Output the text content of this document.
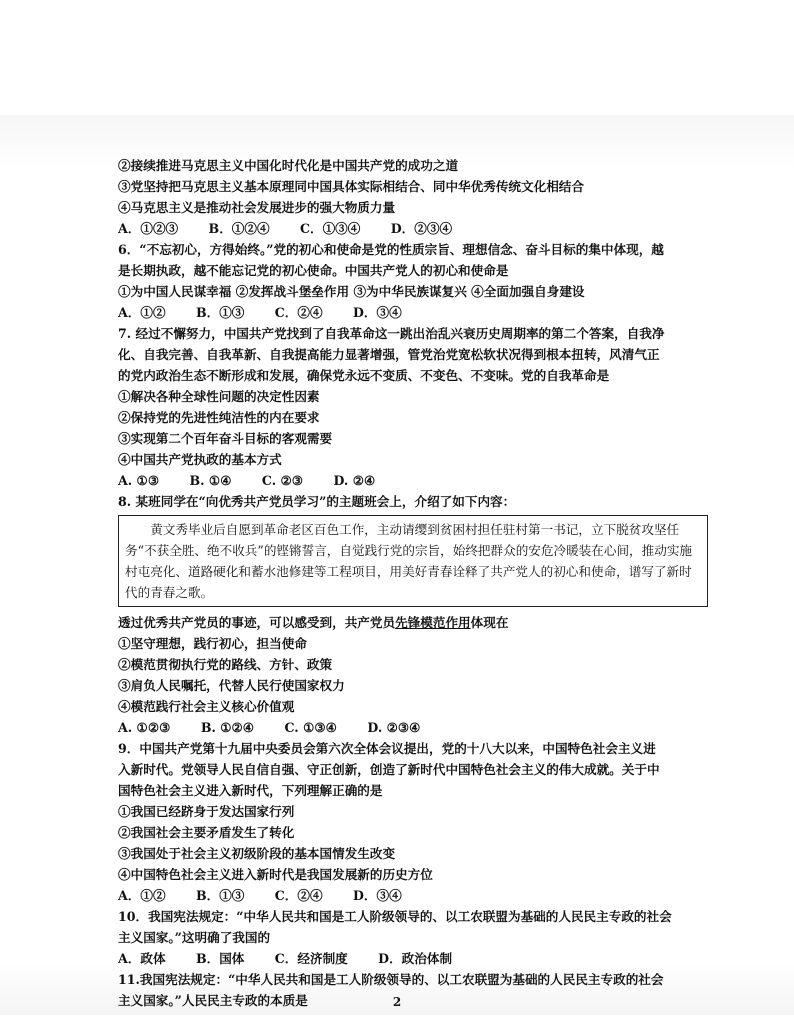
②接续推进马克思主义中国化时代化是中国共产党的成功之道
③党坚持把马克思主义基本原理同中国具体实际相结合、同中华优秀传统文化相结合
④马克思主义是推动社会发展进步的强大物质力量
A．①②③ B．①②④ C．①③④ D．②③④
6．“不忘初心，方得始终。”党的初心和使命是党的性质宗旨、理想信念、奋斗目标的集中体现，越
是长期执政，越不能忘记党的初心使命。中国共产党人的初心和使命是
①为中国人民谋幸福 ②发挥战斗堡垒作用 ③为中华民族谋复兴 ④全面加强自身建设
A．①② B．①③ C．②④ D．③④
7. 经过不懈努力，中国共产党找到了自我革命这一跳出治乱兴衰历史周期率的第二个答案，自我净
化、自我完善、自我革新、自我提高能力显著增强，管党治党宽松软状况得到根本扭转，风清气正
的党内政治生态不断形成和发展，确保党永远不变质、不变色、不变味。党的自我革命是
①解决各种全球性问题的决定性因素
②保持党的先进性纯洁性的内在要求
③实现第二个百年奋斗目标的客观需要
④中国共产党执政的基本方式
A. ①③ B. ①④ C. ②③ D. ②④
8. 某班同学在“向优秀共产党员学习”的主题班会上，介绍了如下内容：
黄文秀毕业后自愿到革命老区百色工作，主动请缨到贫困村担任驻村第一书记，立下脱贫攻坚任务“不获全胜、绝不收兵”的铿锵誓言，自觉践行党的宗旨，始终把群众的安危冷暖装在心间，推动实施村屯亮化、道路硬化和蓄水池修建等工程项目，用美好青春诠释了共产党人的初心和使命，谱写了新时代的青春之歌。
透过优秀共产党员的事迹，可以感受到，共产党员先锋模范作用体现在
①坚守理想，践行初心，担当使命
②模范贯彻执行党的路线、方针、政策
③肩负人民嘱托，代替人民行使国家权力
④模范践行社会主义核心价值观
A. ①②③ B. ①②④ C. ①③④ D. ②③④
9．中国共产党第十九届中央委员会第六次全体会议提出，党的十八大以来，中国特色社会主义进
入新时代。党领导人民自信自强、守正创新，创造了新时代中国特色社会主义的伟大成就。关于中
国特色社会主义进入新时代，下列理解正确的是
①我国已经跻身于发达国家行列
②我国社会主要矛盾发生了转化
③我国处于社会主义初级阶段的基本国情发生改变
④中国特色社会主义进入新时代是我国发展新的历史方位
A．①② B．①③ C．②④ D．③④
10．我国宪法规定：“中华人民共和国是工人阶级领导的、以工农联盟为基础的人民民主专政的社会
主义国家。”这明确了我国的
A．政体 B．国体 C．经济制度 D．政治体制
11.我国宪法规定：“中华人民共和国是工人阶级领导的、以工农联盟为基础的人民民主专政的社会
主义国家。”人民民主专政的本质是	2
